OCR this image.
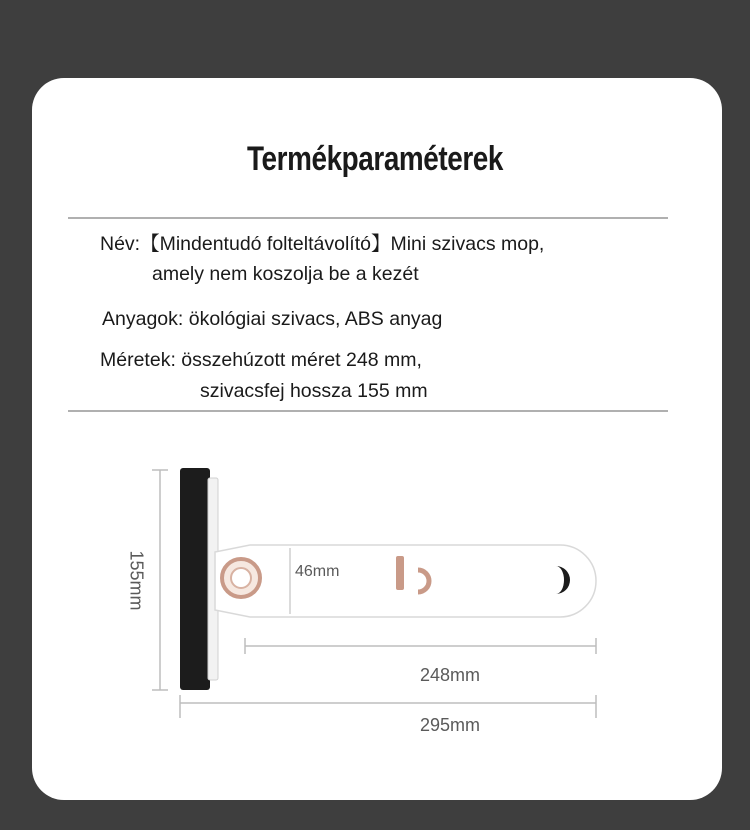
Termékparaméterek
Név:【Mindentudó folteltávolító】Mini szivacs mop,
amely nem koszolja be a kezét
Anyagok: ökológiai szivacs, ABS anyag
Méretek: összehúzott méret 248 mm,
szivacsfej hossza 155 mm
155mm	46mm
248mm
295mm
